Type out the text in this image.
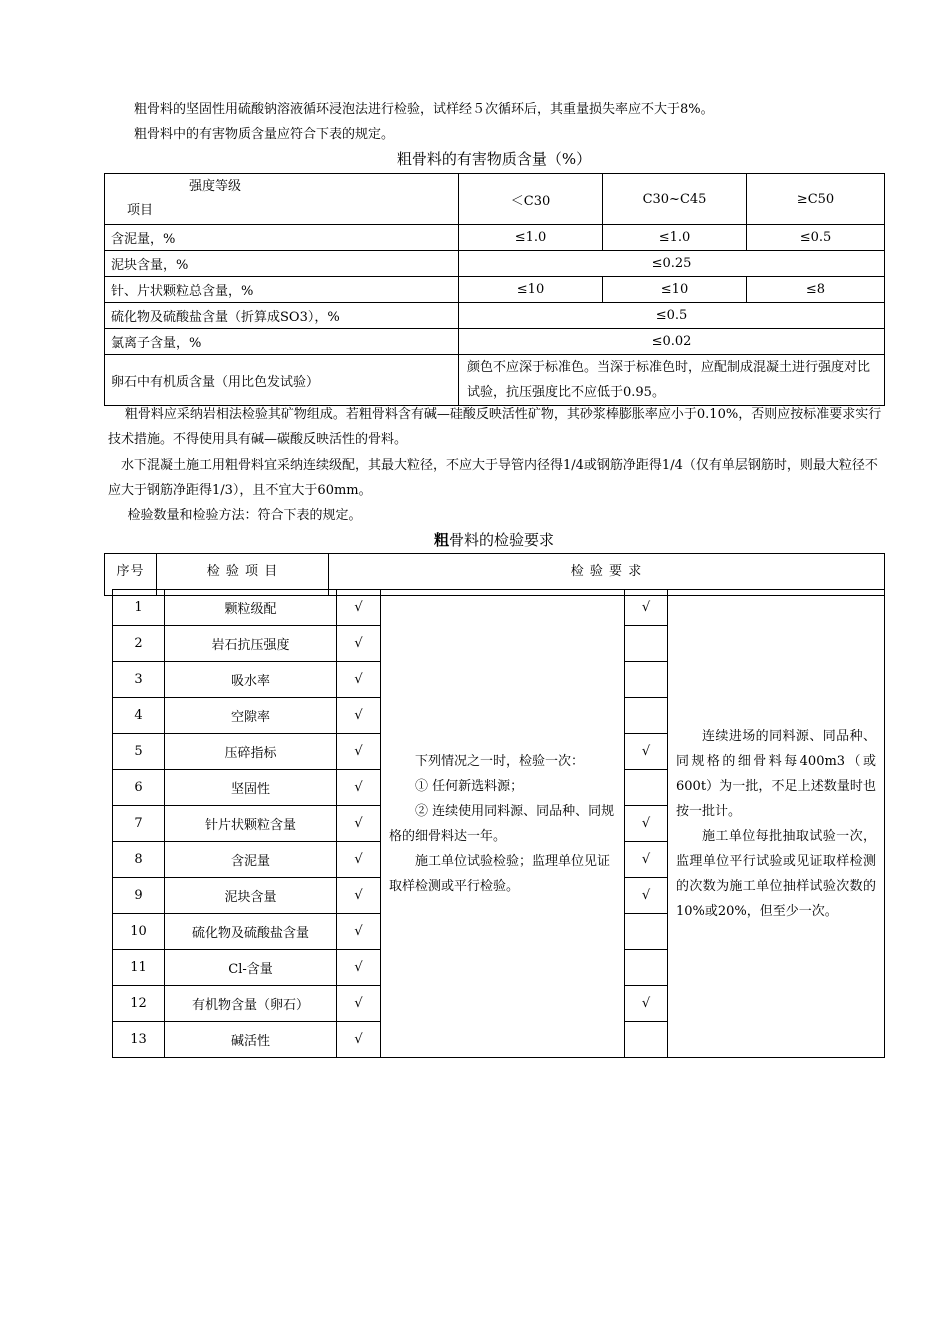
粗骨料的坚固性用硫酸钠溶液循环浸泡法进行检验，试样经５次循环后，其重量损失率应不大于8%。

粗骨料中的有害物质含量应符合下表的规定。

粗骨料的有害物质含量（%）

强度等级
项目	＜C30	C30~C45	≥C50
含泥量，%	≤1.0	≤1.0	≤0.5
泥块含量，%	≤0.25		
针、片状颗粒总含量，%	≤10	≤10	≤8
硫化物及硫酸盐含量（折算成SO3），%	≤0.5		
氯离子含量，%	≤0.02		
卵石中有机质含量（用比色发试验）	颜色不应深于标准色。当深于标准色时，应配制成混凝土进行强度对比试验，抗压强度比不应低于0.95。		

粗骨料应采纳岩相法检验其矿物组成。若粗骨料含有碱—硅酸反映活性矿物，其砂浆棒膨胀率应小于0.10%，否则应按标准要求实行技术措施。不得使用具有碱—碳酸反映活性的骨料。

水下混凝土施工用粗骨料宜采纳连续级配，其最大粒径，不应大于导管内径得1/4或钢筋净距得1/4（仅有单层钢筋时，则最大粒径不应大于钢筋净距得1/3），且不宜大于60mm。

检验数量和检验方法：符合下表的规定。

粗骨料的检验要求

序号	检 验 项 目	检 验 要 求
1	颗粒级配	√	下列情况之一时，检验一次：
① 任何新选料源；
② 连续使用同料源、同品种、同规格的细骨料达一年。
施工单位试验检验；监理单位见证取样检测或平行检验。	√	连续进场的同料源、同品种、同规格的细骨料每400m3（或600t）为一批，不足上述数量时也按一批计。
施工单位每批抽取试验一次，监理单位平行试验或见证取样检测的次数为施工单位抽样试验次数的10%或20%，但至少一次。

2	岩石抗压强度	√			
3	吸水率	√			
4	空隙率	√			
5	压碎指标	√		√	
6	坚固性	√			
7	针片状颗粒含量	√		√	
8	含泥量	√		√	
9	泥块含量	√		√	
10	硫化物及硫酸盐含量	√			
11	Cl-含量	√			
12	有机物含量（卵石）	√		√	
13	碱活性	√			
